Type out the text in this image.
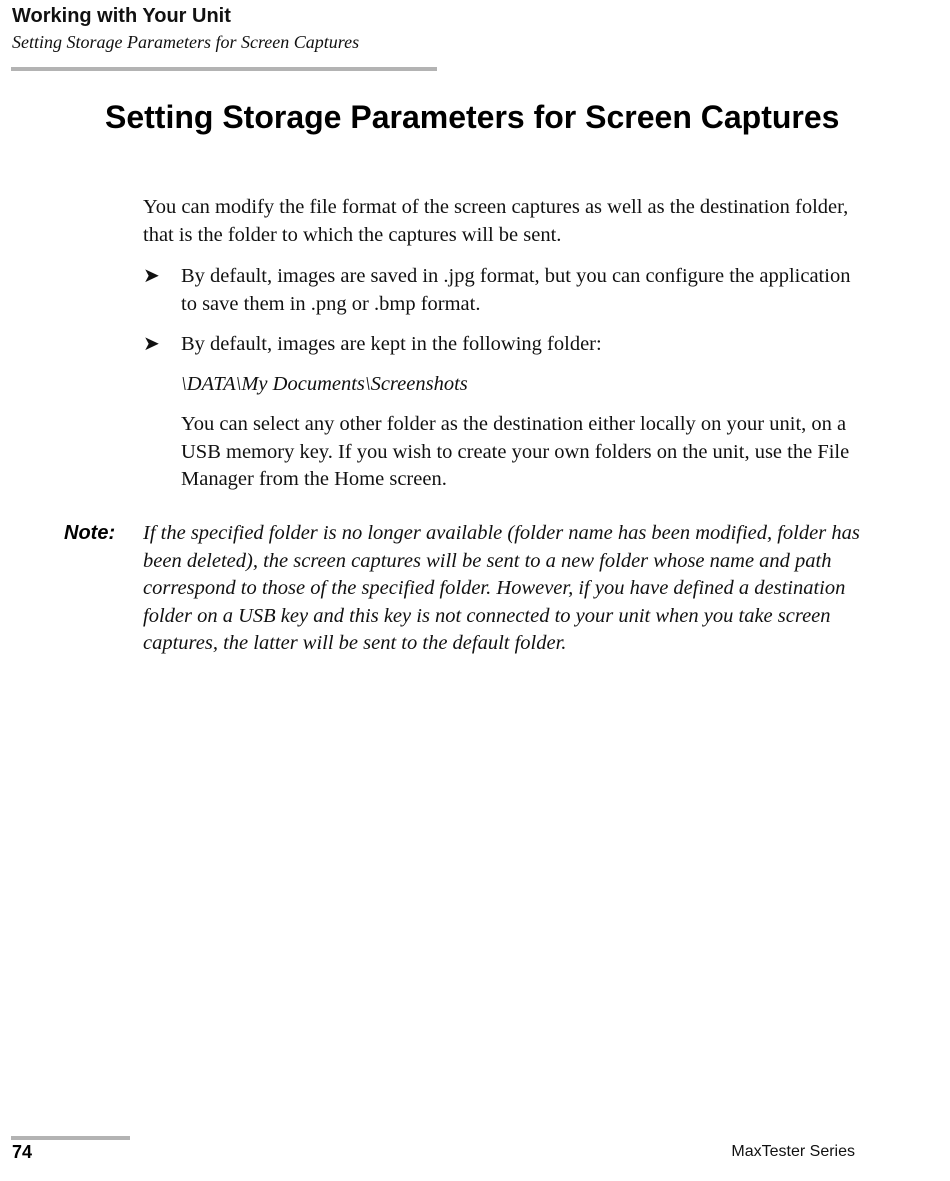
Working with Your Unit
Setting Storage Parameters for Screen Captures
Setting Storage Parameters for Screen Captures

You can modify the file format of the screen captures as well as the destination folder, that is the folder to which the captures will be sent.

➤	By default, images are saved in .jpg format, but you can configure the application to save them in .png or .bmp format.
➤	By default, images are kept in the following folder:
\DATA\My Documents\Screenshots
You can select any other folder as the destination either locally on your unit, on a USB memory key. If you wish to create your own folders on the unit, use the File Manager from the Home screen.
Note: If the specified folder is no longer available (folder name has been modified, folder has been deleted), the screen captures will be sent to a new folder whose name and path correspond to those of the specified folder. However, if you have defined a destination folder on a USB key and this key is not connected to your unit when you take screen captures, the latter will be sent to the default folder.
74	MaxTester Series
